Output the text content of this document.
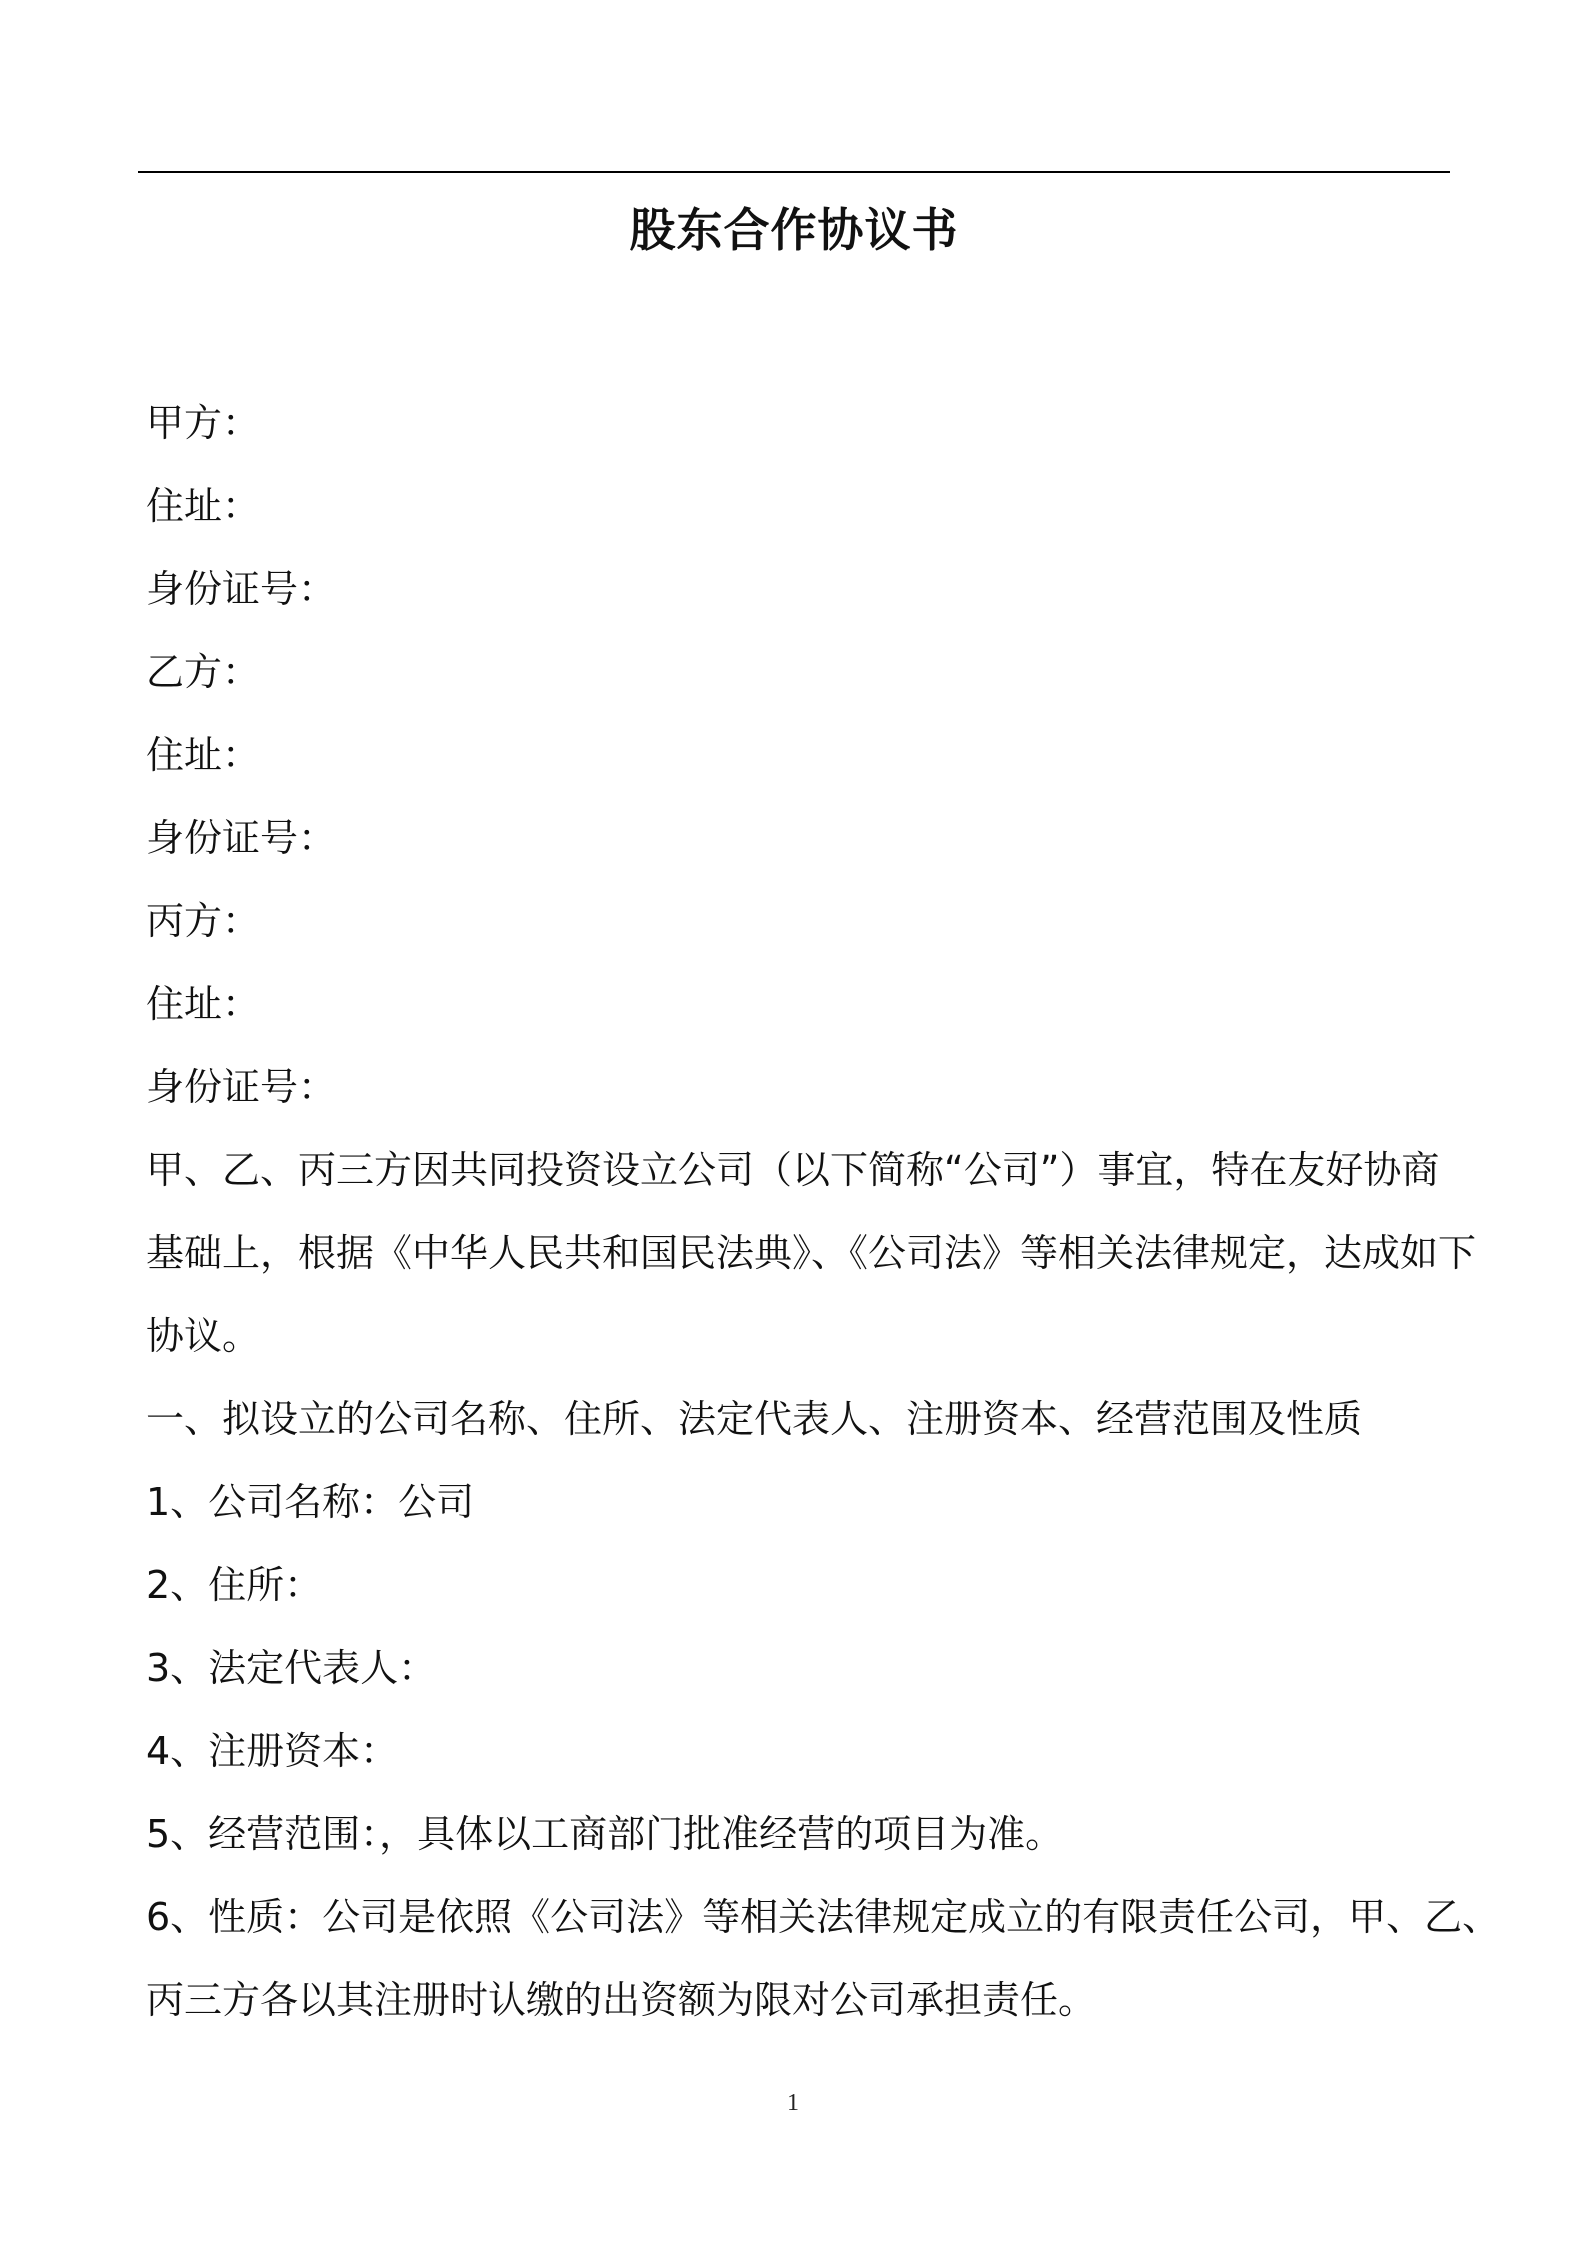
股东合作协议书
甲方：
住址：
身份证号：
乙方：
住址：
身份证号：
丙方：
住址：
身份证号：
甲、乙、丙三方因共同投资设立公司（以下简称“公司”）事宜，特在友好协商
基础上，根据《中华人民共和国民法典》、《公司法》等相关法律规定，达成如下
协议。
一、拟设立的公司名称、住所、法定代表人、注册资本、经营范围及性质
1、公司名称：公司
2、住所：
3、法定代表人：
4、注册资本：
5、经营范围：，具体以工商部门批准经营的项目为准。
6、性质：公司是依照《公司法》等相关法律规定成立的有限责任公司，甲、乙、
丙三方各以其注册时认缴的出资额为限对公司承担责任。
1
